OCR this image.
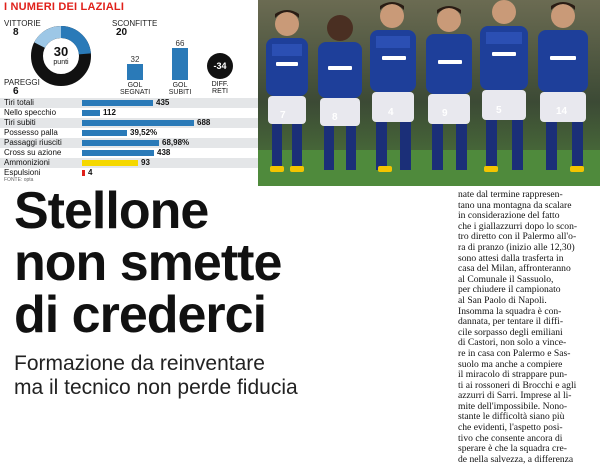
I NUMERI DEI LAZIALI
VITTORIE
8
SCONFITTE
20
PAREGGI
6
30
punti	32
GOL
SEGNATI
66
GOL
SUBITI
-34
DIFF.
RETI
Tiri totali	435
Nello specchio	112
Tiri subiti	688
Possesso palla	39,52%
Passaggi riusciti	68,98%
Cross su azione	438
Ammonizioni	93
Espulsioni	4
FONTE: opta
7	8	4	9	5	14
Stellone
non smette
di crederci
Formazione da reinventare
ma il tecnico non perde fiducia
nate dal termine rappresen-
tano una montagna da scalare
in considerazione del fatto
che i giallazzurri dopo lo scon-
tro diretto con il Palermo all'o-
ra di pranzo (inizio alle 12,30)
sono attesi dalla trasferta in
casa del Milan, affronteranno
al Comunale il Sassuolo,
per chiudere il campionato
al San Paolo di Napoli.
Insomma la squadra è con-
dannata, per tentare il diffi-
cile sorpasso degli emiliani
di Castori, non solo a vince-
re in casa con Palermo e Sas-
suolo ma anche a compiere
il miracolo di strappare pun-
ti ai rossoneri di Brocchi e agli
azzurri di Sarri. Imprese al li-
mite dell'impossibile. Nono-
stante le difficoltà siano più
che evidenti, l'aspetto posi-
tivo che consente ancora di
sperare è che la squadra cre-
de nella salvezza, a differenza
